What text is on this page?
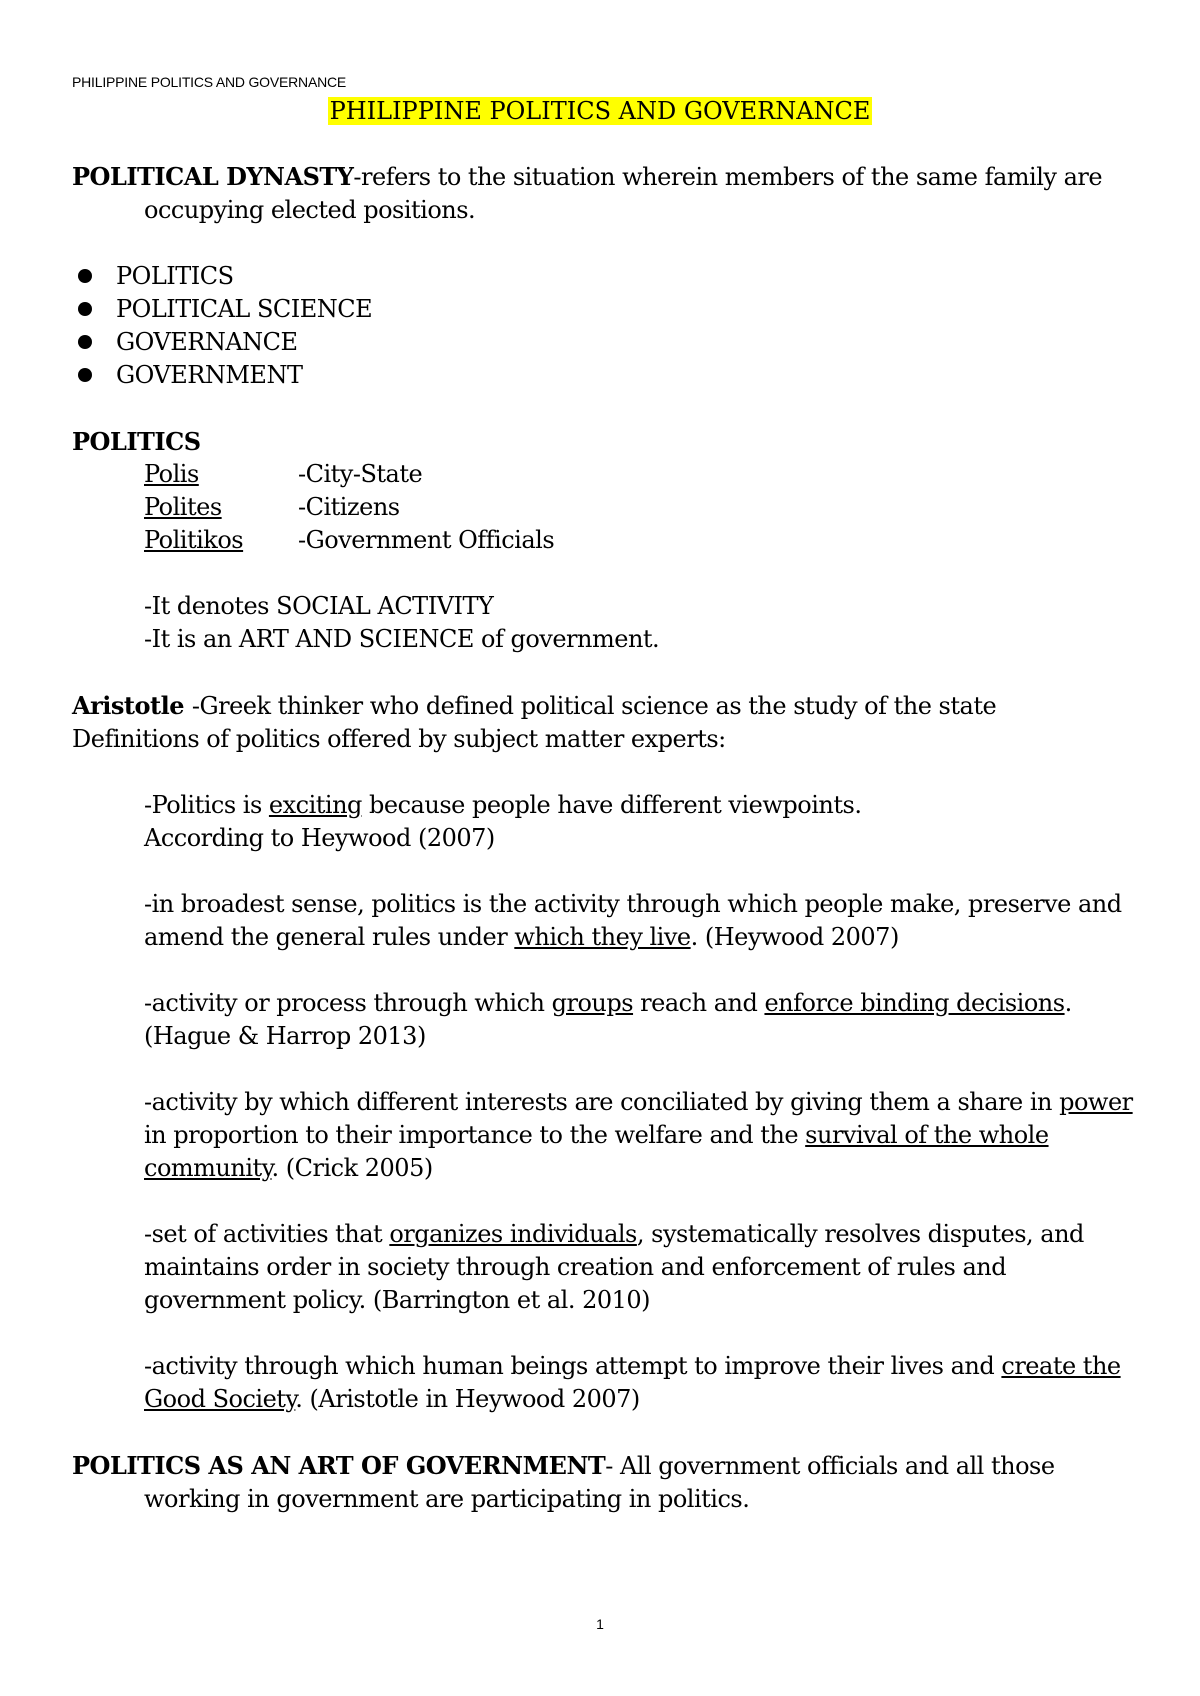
PHILIPPINE POLITICS AND GOVERNANCE
PHILIPPINE POLITICS AND GOVERNANCE

POLITICAL DYNASTY-refers to the situation wherein members of the same family are occupying elected positions.

POLITICS
POLITICAL SCIENCE
GOVERNANCE
GOVERNMENT

POLITICS

Polis	-City-State
Polites	-Citizens
Politikos	-Government Officials

-It denotes SOCIAL ACTIVITY

-It is an ART AND SCIENCE of government.

Aristotle -Greek thinker who defined political science as the study of the state

Definitions of politics offered by subject matter experts:

-Politics is exciting because people have different viewpoints.

According to Heywood (2007)

-in broadest sense, politics is the activity through which people make, preserve and amend the general rules under which they live. (Heywood 2007)

-activity or process through which groups reach and enforce binding decisions. (Hague & Harrop 2013)

-activity by which different interests are conciliated by giving them a share in power in proportion to their importance to the welfare and the survival of the whole community. (Crick 2005)

-set of activities that organizes individuals, systematically resolves disputes, and maintains order in society through creation and enforcement of rules and government policy. (Barrington et al. 2010)

-activity through which human beings attempt to improve their lives and create the Good Society. (Aristotle in Heywood 2007)

POLITICS AS AN ART OF GOVERNMENT- All government officials and all those working in government are participating in politics.

1
